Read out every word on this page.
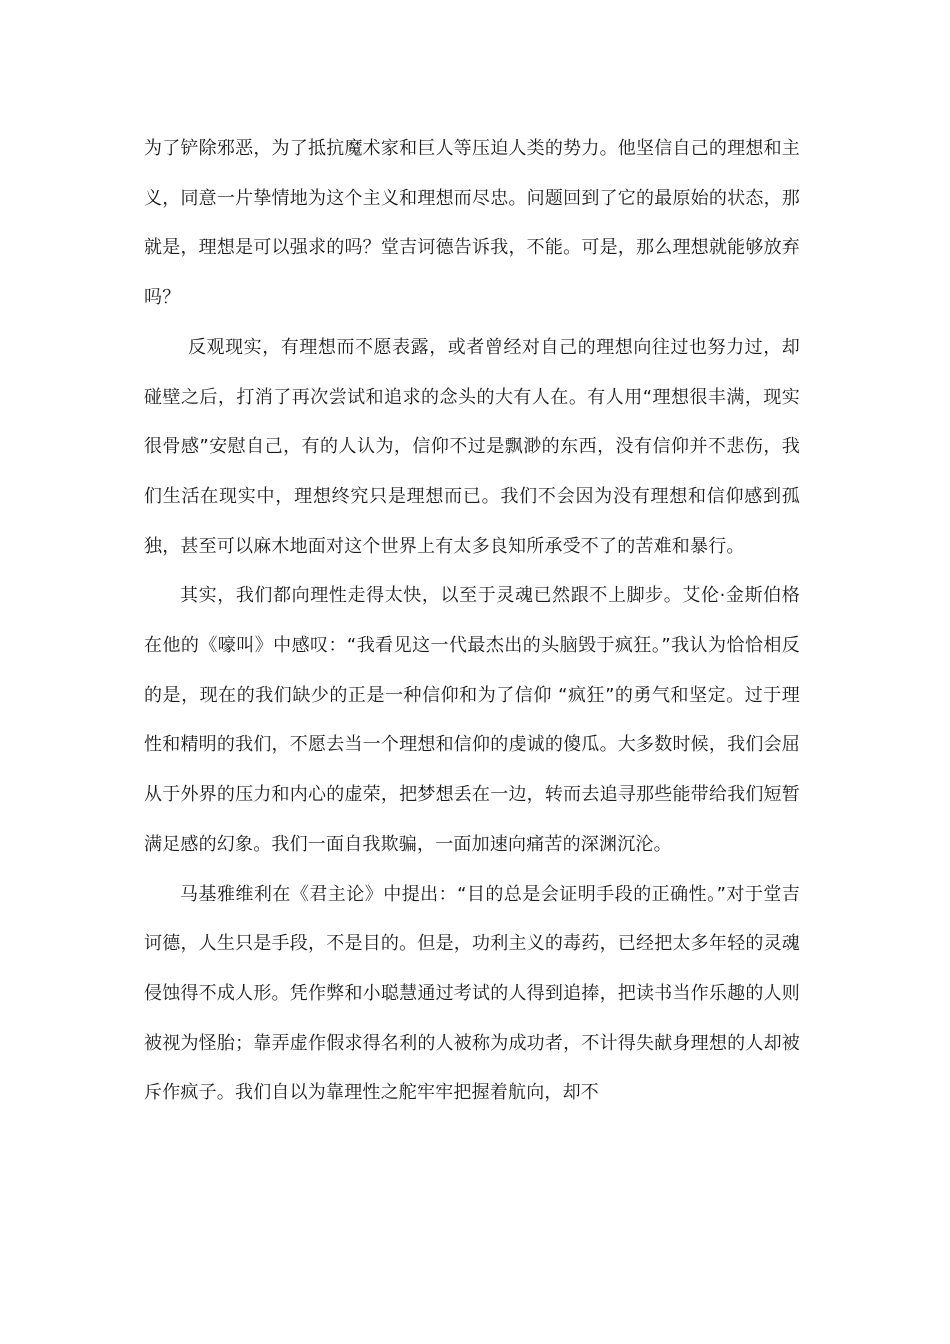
为了铲除邪恶，为了抵抗魔术家和巨人等压迫人类的势力。他坚信自己的理想和主义，同意一片挚情地为这个主义和理想而尽忠。问题回到了它的最原始的状态，那就是，理想是可以强求的吗？堂吉诃德告诉我，不能。可是，那么理想就能够放弃吗？

反观现实，有理想而不愿表露，或者曾经对自己的理想向往过也努力过，却碰壁之后，打消了再次尝试和追求的念头的大有人在。有人用“理想很丰满，现实很骨感”安慰自己，有的人认为，信仰不过是飘渺的东西，没有信仰并不悲伤，我们生活在现实中，理想终究只是理想而已。我们不会因为没有理想和信仰感到孤独，甚至可以麻木地面对这个世界上有太多良知所承受不了的苦难和暴行。

其实，我们都向理性走得太快，以至于灵魂已然跟不上脚步。艾伦·金斯伯格在他的《嚎叫》中感叹：“我看见这一代最杰出的头脑毁于疯狂。”我认为恰恰相反的是，现在的我们缺少的正是一种信仰和为了信仰 “疯狂”的勇气和坚定。过于理性和精明的我们，不愿去当一个理想和信仰的虔诚的傻瓜。大多数时候，我们会屈从于外界的压力和内心的虚荣，把梦想丢在一边，转而去追寻那些能带给我们短暂满足感的幻象。我们一面自我欺骗，一面加速向痛苦的深渊沉沦。

马基雅维利在《君主论》中提出：“目的总是会证明手段的正确性。”对于堂吉诃德，人生只是手段，不是目的。但是，功利主义的毒药，已经把太多年轻的灵魂侵蚀得不成人形。凭作弊和小聪慧通过考试的人得到追捧，把读书当作乐趣的人则被视为怪胎；靠弄虚作假求得名利的人被称为成功者，不计得失献身理想的人却被斥作疯子。我们自以为靠理性之舵牢牢把握着航向，却不
